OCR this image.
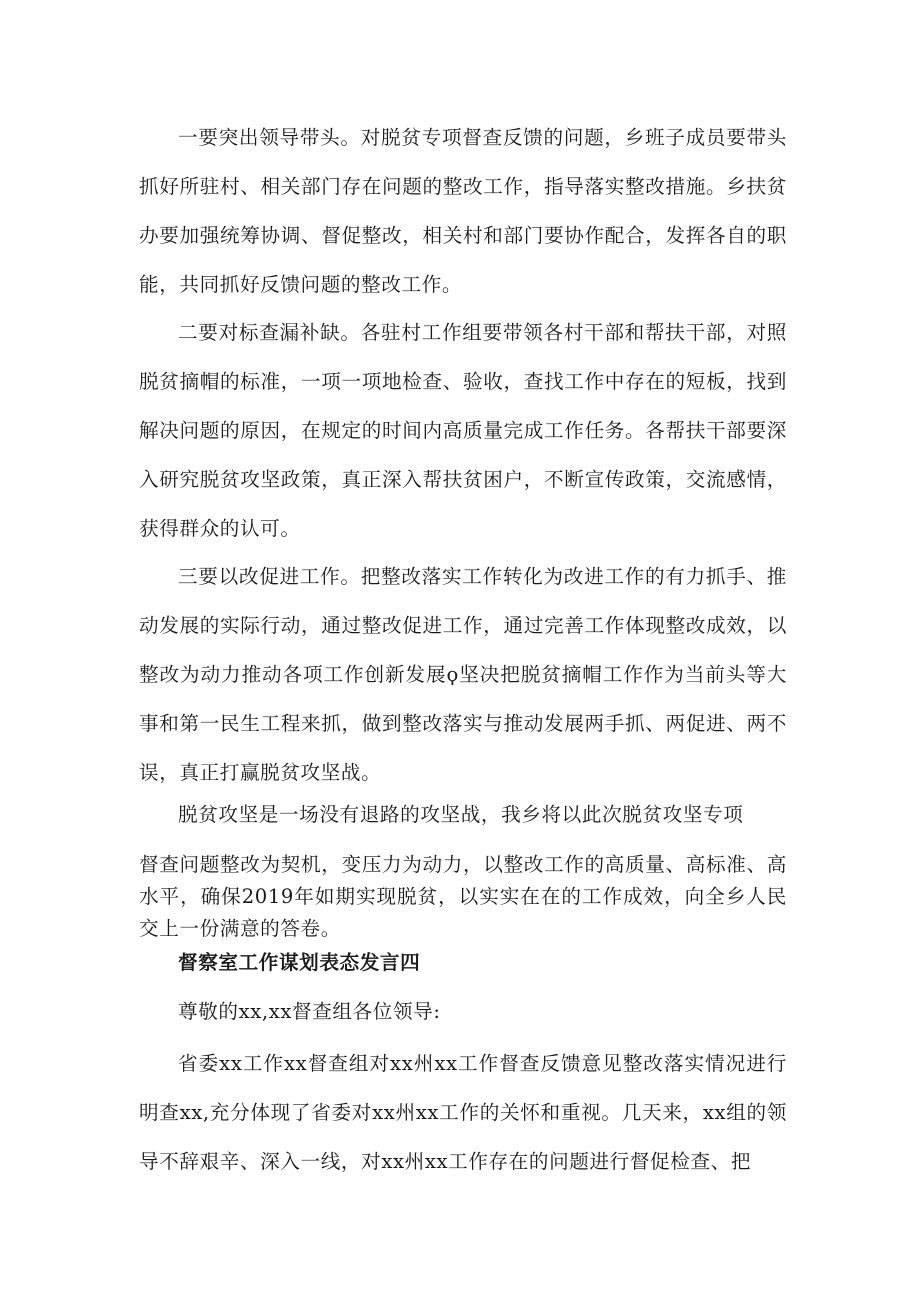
一要突出领导带头。对脱贫专项督查反馈的问题，乡班子成员要带头抓好所驻村、相关部门存在问题的整改工作，指导落实整改措施。乡扶贫办要加强统筹协调、督促整改，相关村和部门要协作配合，发挥各自的职能，共同抓好反馈问题的整改工作。

二要对标查漏补缺。各驻村工作组要带领各村干部和帮扶干部，对照脱贫摘帽的标准，一项一项地检查、验收，查找工作中存在的短板，找到解决问题的原因，在规定的时间内高质量完成工作任务。各帮扶干部要深入研究脱贫攻坚政策，真正深入帮扶贫困户，不断宣传政策，交流感情，获得群众的认可。

三要以改促进工作。把整改落实工作转化为改进工作的有力抓手、推动发展的实际行动，通过整改促进工作，通过完善工作体现整改成效，以整改为动力推动各项工作创新发展ϙ坚决把脱贫摘帽工作作为当前头等大事和第一民生工程来抓，做到整改落实与推动发展两手抓、两促进、两不误，真正打赢脱贫攻坚战。

脱贫攻坚是一场没有退路的攻坚战，我乡将以此次脱贫攻坚专项

督查问题整改为契机，变压力为动力，以整改工作的高质量、高标准、高水平，确保2019年如期实现脱贫，以实实在在的工作成效，向全乡人民交上一份满意的答卷。

督察室工作谋划表态发言四

尊敬的xx,xx督查组各位领导:

省委xx工作xx督查组对xx州xx工作督查反馈意见整改落实情况进行明查xx,充分体现了省委对xx州xx工作的关怀和重视。几天来，xx组的领导不辞艰辛、深入一线，对xx州xx工作存在的问题进行督促检查、把
